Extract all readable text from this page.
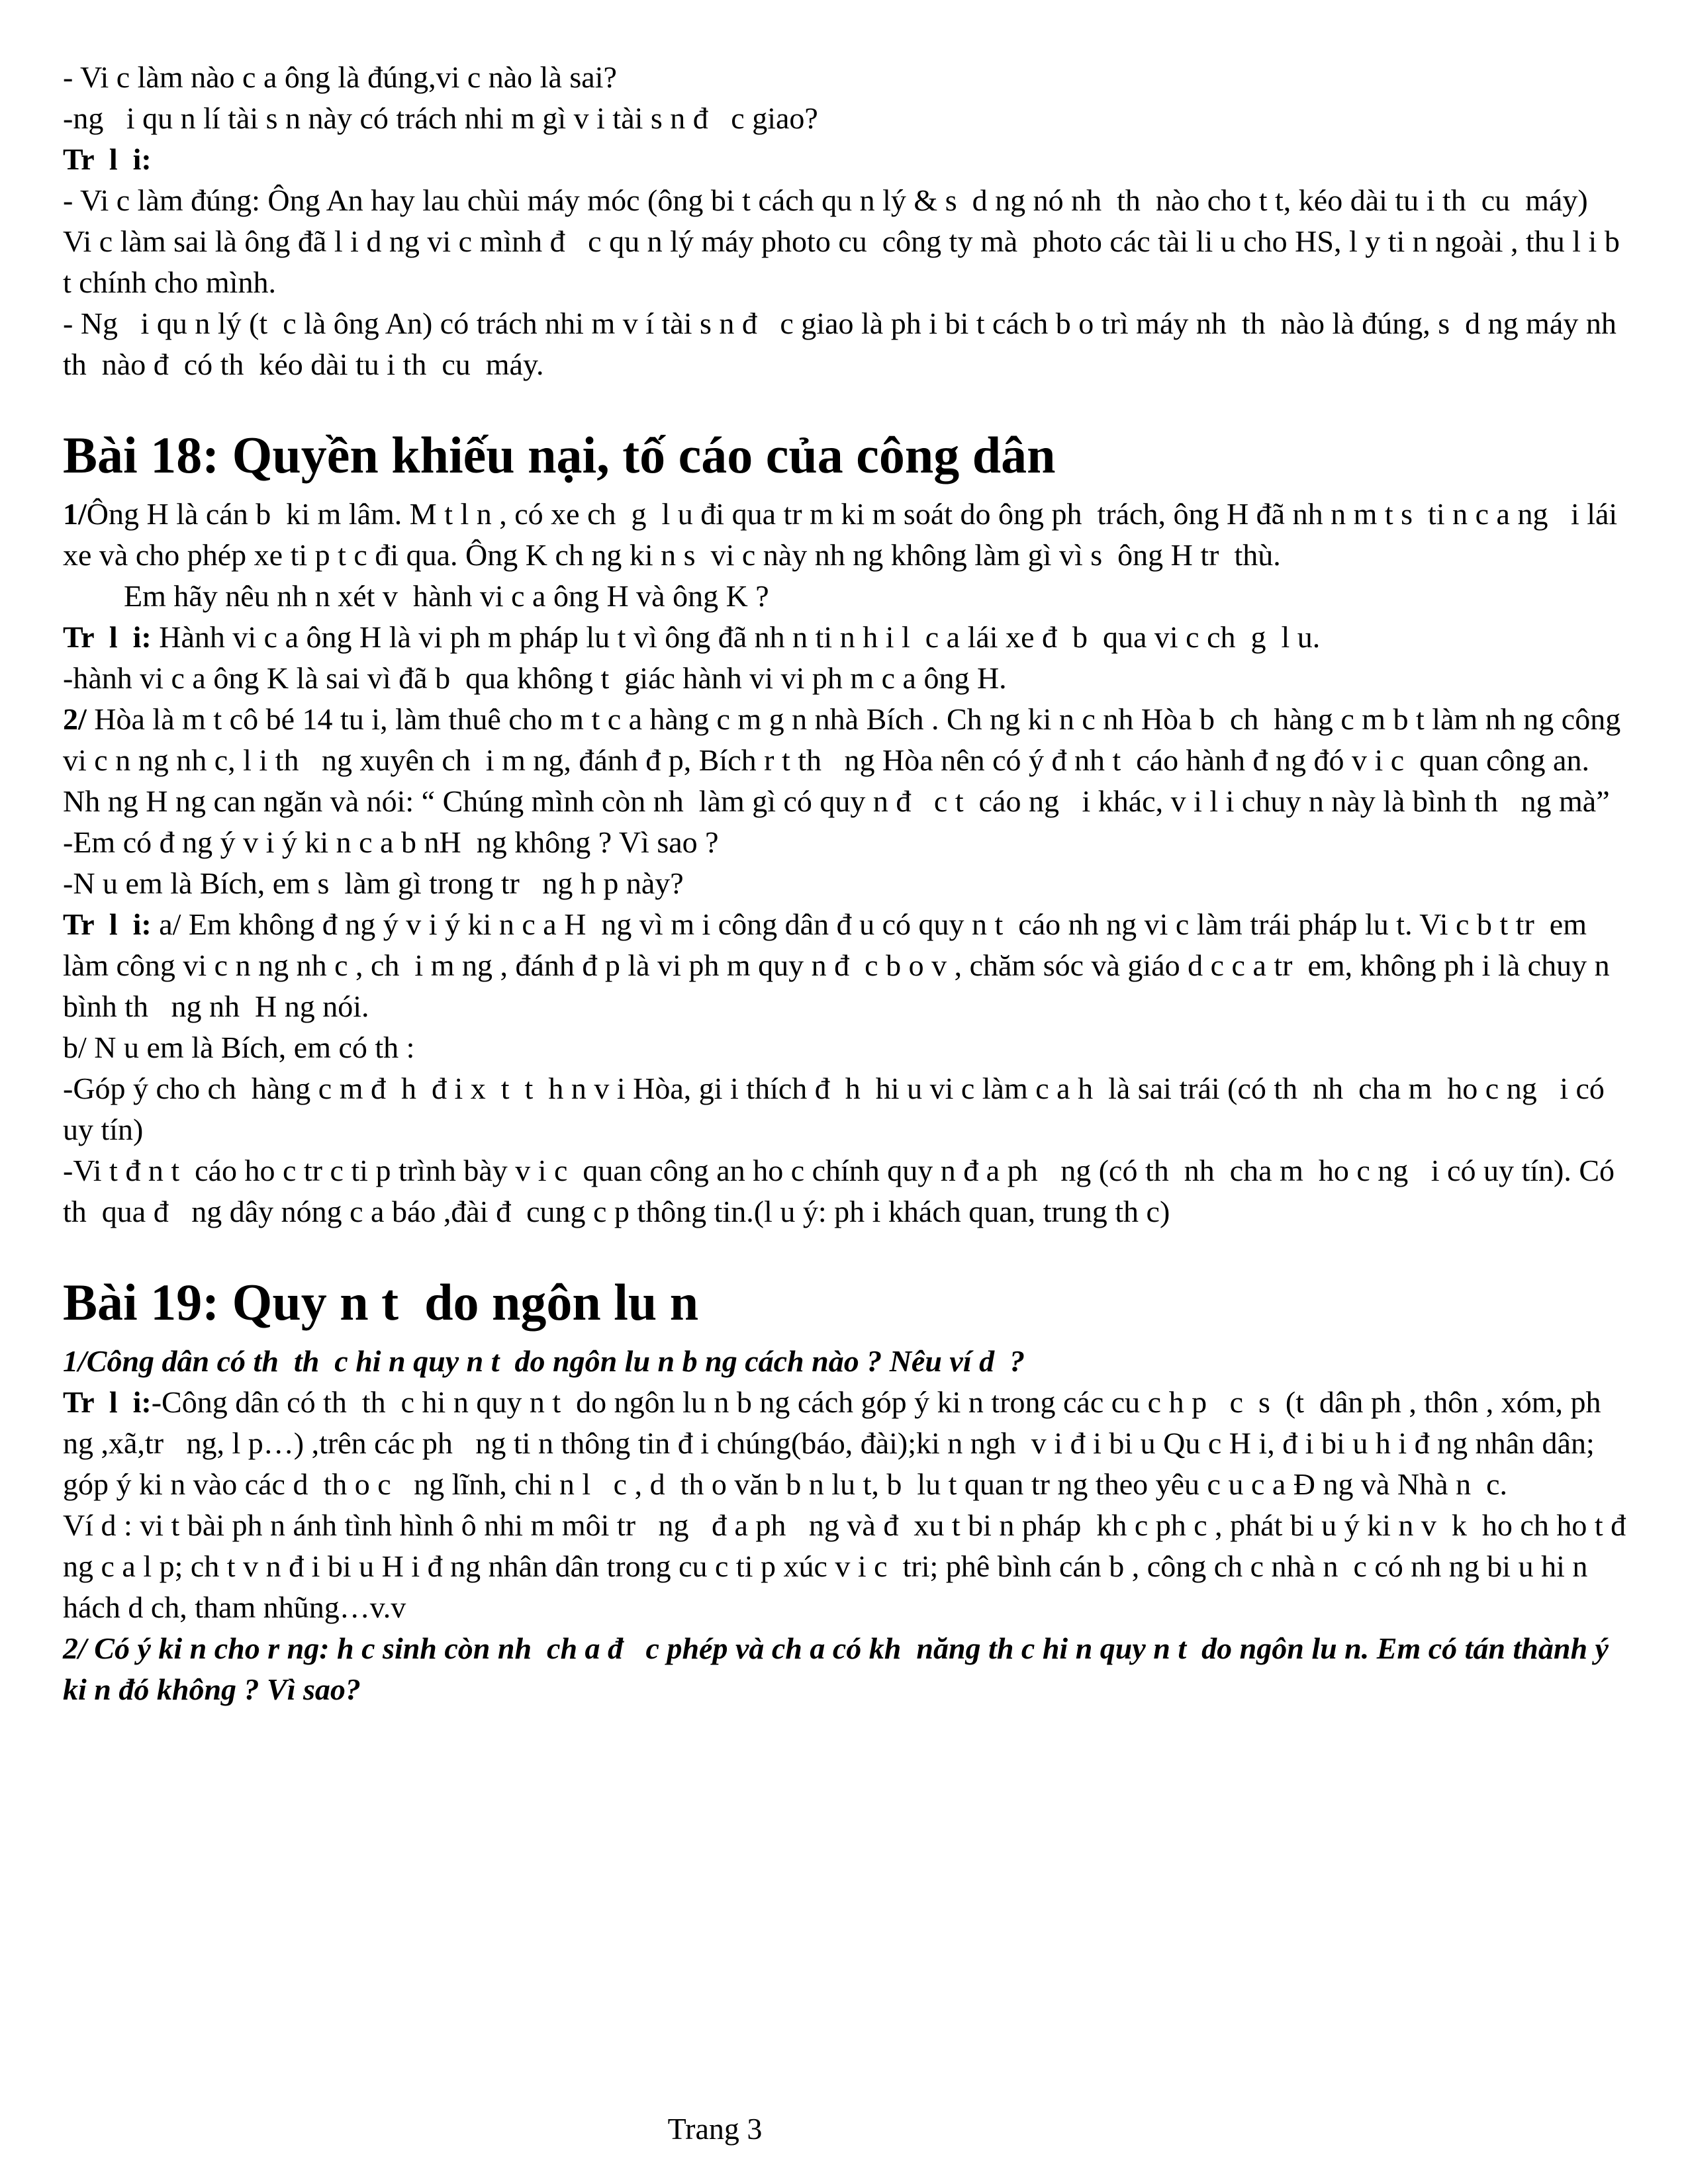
- Vi c làm nào c a ông là đúng,vi c nào là sai?

-ng   i qu n lí tài s n này có trách nhi m gì v i tài s n đ   c giao?

Tr  l  i:

- Vi c làm đúng: Ông An hay lau chùi máy móc (ông bi t cách qu n lý & s  d ng nó nh  th  nào cho t t, kéo dài tu i th  cu  máy)

Vi c làm sai là ông đã l i d ng vi c mình đ   c qu n lý máy photo cu  công ty mà  photo các tài li u cho HS, l y ti n ngoài , thu l i b t chính cho mình.

- Ng   i qu n lý (t  c là ông An) có trách nhi m v í tài s n đ   c giao là ph i bi t cách b o trì máy nh  th  nào là đúng, s  d ng máy nh  th  nào đ  có th  kéo dài tu i th  cu  máy.

Bài 18: Quyền khiếu nại, tố cáo của công dân

1/Ông H là cán b  ki m lâm. M t l n , có xe ch  g  l u đi qua tr m ki m soát do ông ph  trách, ông H đã nh n m t s  ti n c a ng   i lái xe và cho phép xe ti p t c đi qua. Ông K ch ng ki n s  vi c này nh ng không làm gì vì s  ông H tr  thù.

Em hãy nêu nh n xét v  hành vi c a ông H và ông K ?

Tr  l  i: Hành vi c a ông H là vi ph m pháp lu t vì ông đã nh n ti n h i l  c a lái xe đ  b  qua vi c ch  g  l u.

-hành vi c a ông K là sai vì đã b  qua không t  giác hành vi vi ph m c a ông H.

2/ Hòa là m t cô bé 14 tu i, làm thuê cho m t c a hàng c m g n nhà Bích . Ch ng ki n c nh Hòa b  ch  hàng c m b t làm nh ng công vi c n ng nh c, l i th   ng xuyên ch  i m ng, đánh đ p, Bích r t th   ng Hòa nên có ý đ nh t  cáo hành đ ng đó v i c  quan công an. Nh ng H ng can ngăn và nói: “ Chúng mình còn nh  làm gì có quy n đ   c t  cáo ng   i khác, v i l i chuy n này là bình th   ng mà”

-Em có đ ng ý v i ý ki n c a b nH  ng không ? Vì sao ?

-N u em là Bích, em s  làm gì trong tr   ng h p này?

Tr  l  i: a/ Em không đ ng ý v i ý ki n c a H  ng vì m i công dân đ u có quy n t  cáo nh ng vi c làm trái pháp lu t. Vi c b t tr  em làm công vi c n ng nh c , ch  i m ng , đánh đ p là vi ph m quy n đ  c b o v , chăm sóc và giáo d c c a tr  em, không ph i là chuy n bình th   ng nh  H ng nói.

b/ N u em là Bích, em có th :

-Góp ý cho ch  hàng c m đ  h  đ i x  t  t  h n v i Hòa, gi i thích đ  h  hi u vi c làm c a h  là sai trái (có th  nh  cha m  ho c ng   i có uy tín)

-Vi t đ n t  cáo ho c tr c ti p trình bày v i c  quan công an ho c chính quy n đ a ph   ng (có th  nh  cha m  ho c ng   i có uy tín). Có th  qua đ   ng dây nóng c a báo ,đài đ  cung c p thông tin.(l u ý: ph i khách quan, trung th c)

Bài 19: Quy n t  do ngôn lu n

1/Công dân có th  th  c hi n quy n t  do ngôn lu n b ng cách nào ? Nêu ví d  ?

Tr  l  i:-Công dân có th  th  c hi n quy n t  do ngôn lu n b ng cách góp ý ki n trong các cu c h p   c  s  (t  dân ph , thôn , xóm, ph   ng ,xã,tr   ng, l p…) ,trên các ph   ng ti n thông tin đ i chúng(báo, đài);ki n ngh  v i đ i bi u Qu c H i, đ i bi u h i đ ng nhân dân; góp ý ki n vào các d  th o c   ng lĩnh, chi n l   c , d  th o văn b n lu t, b  lu t quan tr ng theo yêu c u c a Đ ng và Nhà n  c.

Ví d : vi t bài ph n ánh tình hình ô nhi m môi tr   ng   đ a ph   ng và đ  xu t bi n pháp  kh c ph c , phát bi u ý ki n v  k  ho ch ho t đ ng c a l p; ch t v n đ i bi u H i đ ng nhân dân trong cu c ti p xúc v i c  tri; phê bình cán b , công ch c nhà n  c có nh ng bi u hi n hách d ch, tham nhũng…v.v

2/ Có ý ki n cho r ng: h c sinh còn nh  ch a đ   c phép và ch a có kh  năng th c hi n quy n t  do ngôn lu n. Em có tán thành ý ki n đó không ? Vì sao?

Trang 3
